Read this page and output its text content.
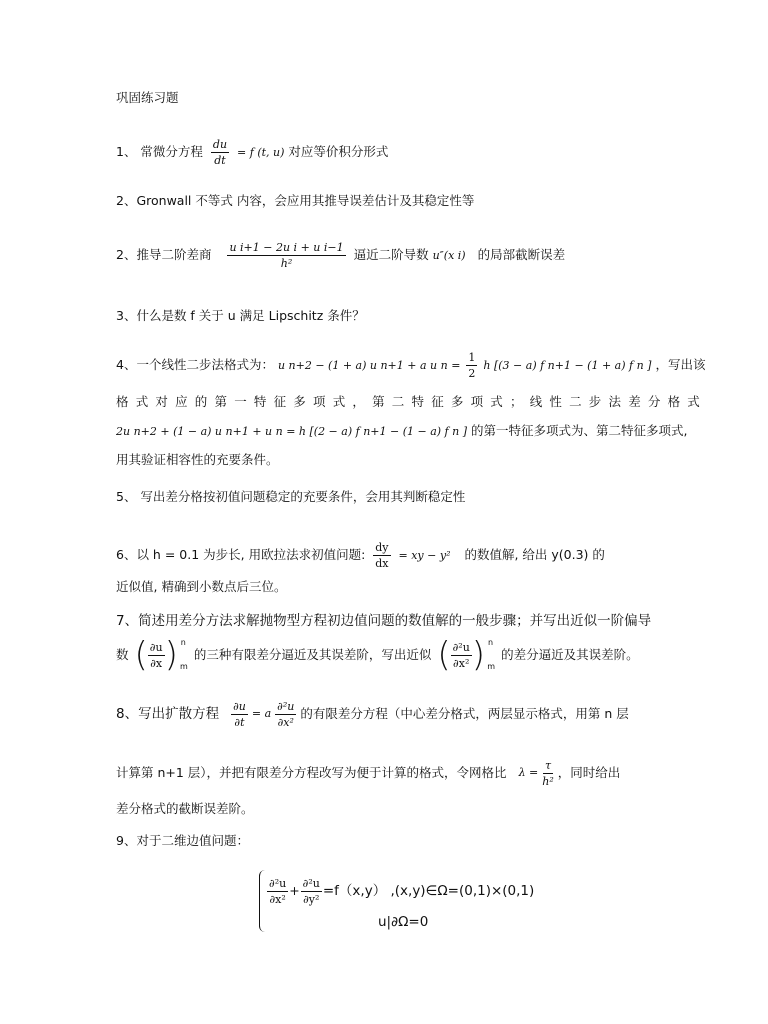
巩固练习题
1、 常微分方程 $\frac{du}{dt} = f$ (t, u) 对应等价积分形式
2、Gronwall 不等式 内容，会应用其推导误差估计及其稳定性等
2、推导二阶差商 $\frac{\text{u i+1 − 2u i + u i−1}}{\text{h²}}$ 逼近二阶导数 u″(x i) 的局部截断误差
3、什么是数 f 关于 u 满足 Lipschitz 条件？
4、一个线性二步法格式为： u n+2 − (1 + a) u n+1 + a u $n = \frac{1}{2}$ h [(3 − a) f n+1 − (1 + a) f n ] ，写出该
格式对应的第一特征多项式，第二特征多项式；线性二步法差分格式
2u n+2 + (1 − a) u n+1 + u n = h [(2 − a) f n+1 − (1 − a) f n ] 的第一特征多项式为、第二特征多项式,
用其验证相容性的充要条件。
5、 写出差分格按初值问题稳定的充要条件，会用其判断稳定性
6、以 h = 0.1 为步长, 用欧拉法求初值问题: $\frac{dy}{dx}$ = xy − y² 的数值解, 给出 y(0.3) 的
近似值, 精确到小数点后三位。
7、简述用差分方法求解抛物型方程初边值问题的数值解的一般步骤；并写出近似一阶偏导
数 ( $\frac{\partial u}{\partial x}$ ) n
m
的三种有限差分逼近及其误差阶，写出近似 ( $\frac{\text{∂²u}}{\text{∂x²}}$ ) n
m
的差分逼近及其误差阶。
8、写出扩散方程 $\frac{\partial u}{\partial t} = a \frac{\text{∂²u}}{\text{∂x²}}$ 的有限差分方程（中心差分格式，两层显示格式，用第 n 层
计算第 n+1 层），并把有限差分方程改写为便于计算的格式，令网格比 $\lambda = \frac{\tau}{\text{h²}}$ ，同时给出
差分格式的截断误差阶。
9、对于二维边值问题：
$\frac{\text{∂²u}}{\text{∂x²}} + \frac{\text{∂²u}}{\text{∂y²}} =f(x,y)$ ,(x,y)∈Ω=(0,1)×(0,1)
u|∂Ω=0
